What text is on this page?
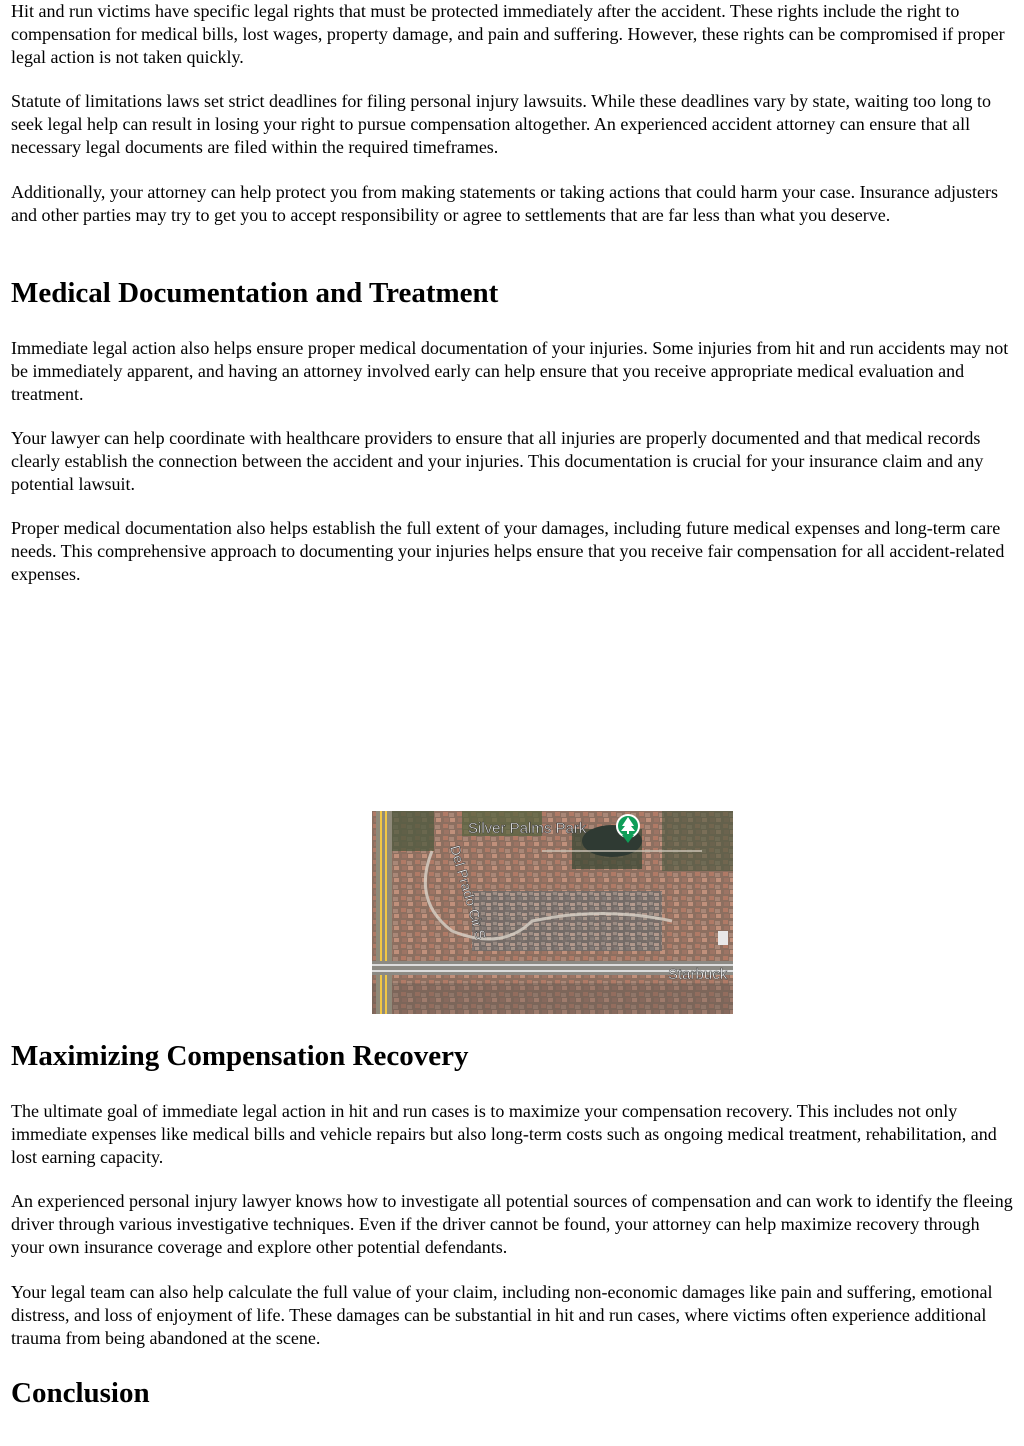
Hit and run victims have specific legal rights that must be protected immediately after the accident. These rights include the right to compensation for medical bills, lost wages, property damage, and pain and suffering. However, these rights can be compromised if proper legal action is not taken quickly.

Statute of limitations laws set strict deadlines for filing personal injury lawsuits. While these deadlines vary by state, waiting too long to seek legal help can result in losing your right to pursue compensation altogether. An experienced accident attorney can ensure that all necessary legal documents are filed within the required timeframes.

Additionally, your attorney can help protect you from making statements or taking actions that could harm your case. Insurance adjusters and other parties may try to get you to accept responsibility or agree to settlements that are far less than what you deserve.

Medical Documentation and Treatment

Immediate legal action also helps ensure proper medical documentation of your injuries. Some injuries from hit and run accidents may not be immediately apparent, and having an attorney involved early can help ensure that you receive appropriate medical evaluation and treatment.

Your lawyer can help coordinate with healthcare providers to ensure that all injuries are properly documented and that medical records clearly establish the connection between the accident and your injuries. This documentation is crucial for your insurance claim and any potential lawsuit.

Proper medical documentation also helps establish the full extent of your damages, including future medical expenses and long-term care needs. This comprehensive approach to documenting your injuries helps ensure that you receive fair compensation for all accident-related expenses.

Silver Palms Park
Del Prado Cir S
Starbuck
Maximizing Compensation Recovery

The ultimate goal of immediate legal action in hit and run cases is to maximize your compensation recovery. This includes not only immediate expenses like medical bills and vehicle repairs but also long-term costs such as ongoing medical treatment, rehabilitation, and lost earning capacity.

An experienced personal injury lawyer knows how to investigate all potential sources of compensation and can work to identify the fleeing driver through various investigative techniques. Even if the driver cannot be found, your attorney can help maximize recovery through your own insurance coverage and explore other potential defendants.

Your legal team can also help calculate the full value of your claim, including non-economic damages like pain and suffering, emotional distress, and loss of enjoyment of life. These damages can be substantial in hit and run cases, where victims often experience additional trauma from being abandoned at the scene.

Conclusion
